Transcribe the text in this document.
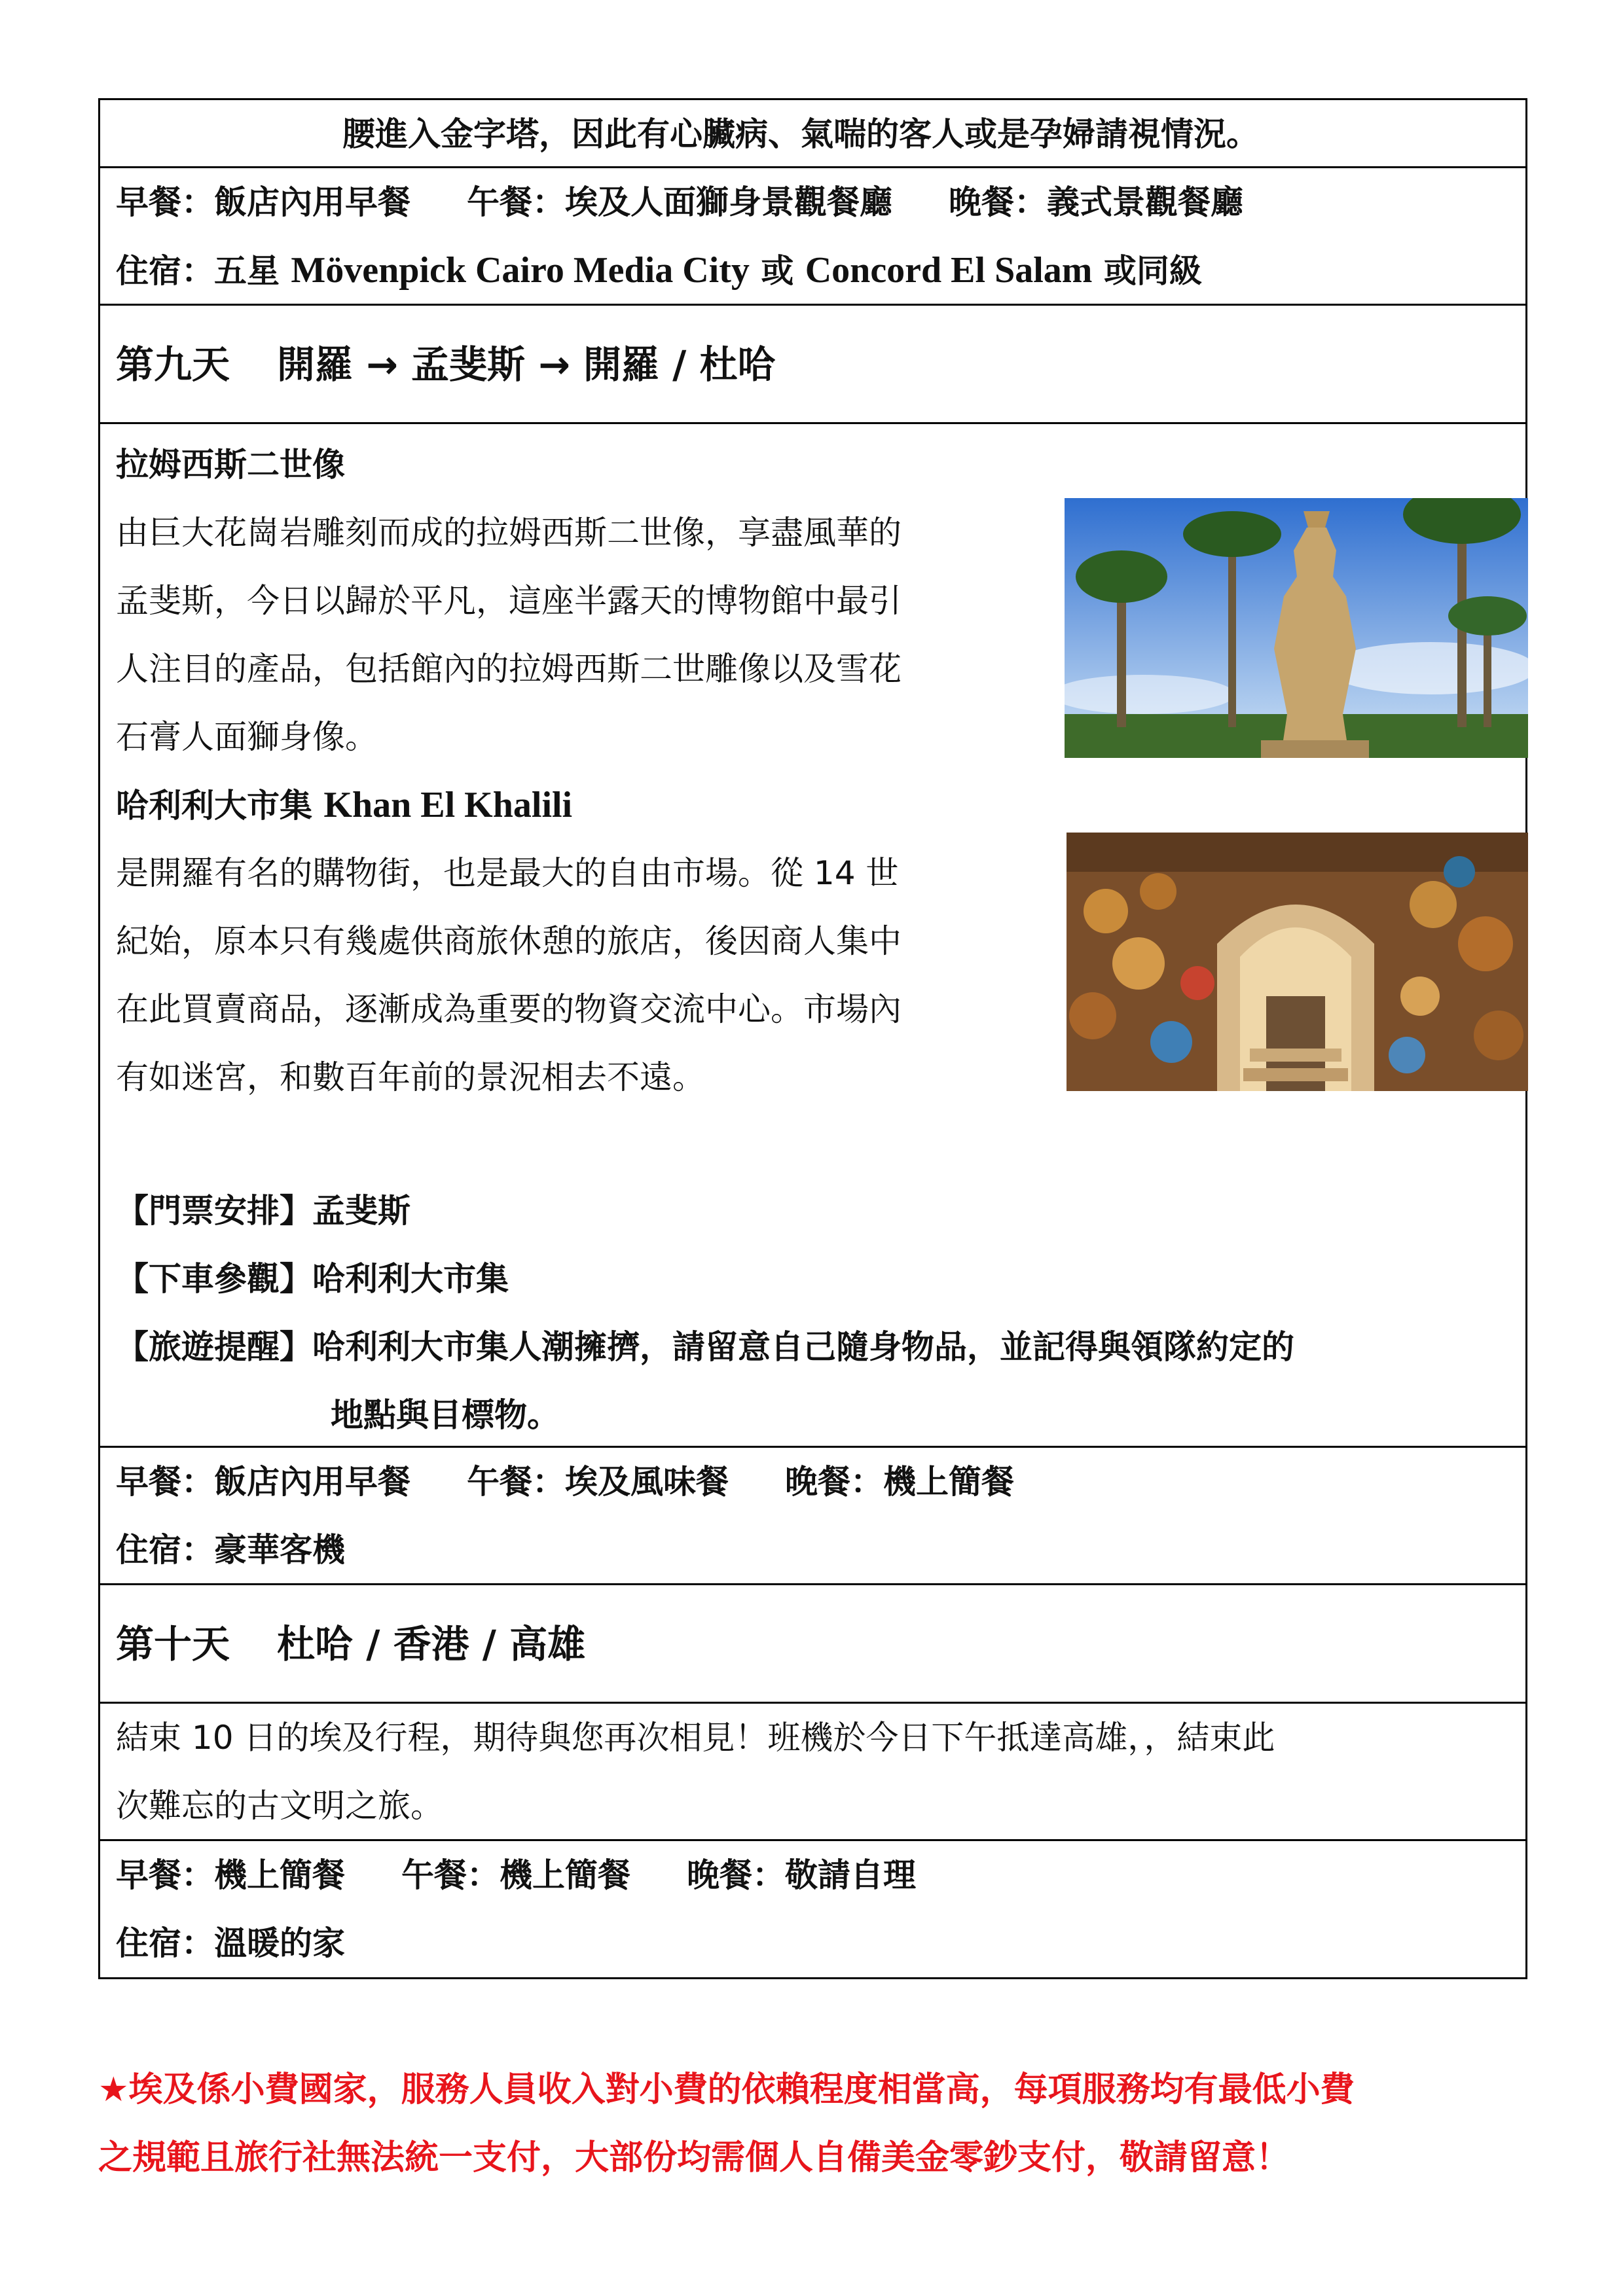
腰進入金字塔，因此有心臟病、氣喘的客人或是孕婦請視情況。
早餐：飯店內用早餐 午餐：埃及人面獅身景觀餐廳 晚餐：義式景觀餐廳
住宿：五星 Mövenpick Cairo Media City 或 Concord El Salam 或同級
第九天 開羅 → 孟斐斯 → 開羅 / 杜哈
拉姆西斯二世像
由巨大花崗岩雕刻而成的拉姆西斯二世像，享盡風華的
孟斐斯，今日以歸於平凡，這座半露天的博物館中最引
人注目的產品，包括館內的拉姆西斯二世雕像以及雪花
石膏人面獅身像。
哈利利大市集 Khan El Khalili
是開羅有名的購物街，也是最大的自由市場。從 14 世
紀始，原本只有幾處供商旅休憩的旅店，後因商人集中
在此買賣商品，逐漸成為重要的物資交流中心。市場內
有如迷宮，和數百年前的景況相去不遠。
【門票安排】孟斐斯
【下車參觀】哈利利大市集
【旅遊提醒】哈利利大市集人潮擁擠，請留意自己隨身物品，並記得與領隊約定的
地點與目標物。
早餐：飯店內用早餐 午餐：埃及風味餐 晚餐：機上簡餐
住宿：豪華客機
第十天 杜哈 / 香港 / 高雄
結束 10 日的埃及行程，期待與您再次相見！班機於今日下午抵達高雄，，結束此
次難忘的古文明之旅。
早餐：機上簡餐 午餐：機上簡餐 晚餐：敬請自理
住宿：溫暖的家
★埃及係小費國家，服務人員收入對小費的依賴程度相當高，每項服務均有最低小費
之規範且旅行社無法統一支付，大部份均需個人自備美金零鈔支付，敬請留意！
